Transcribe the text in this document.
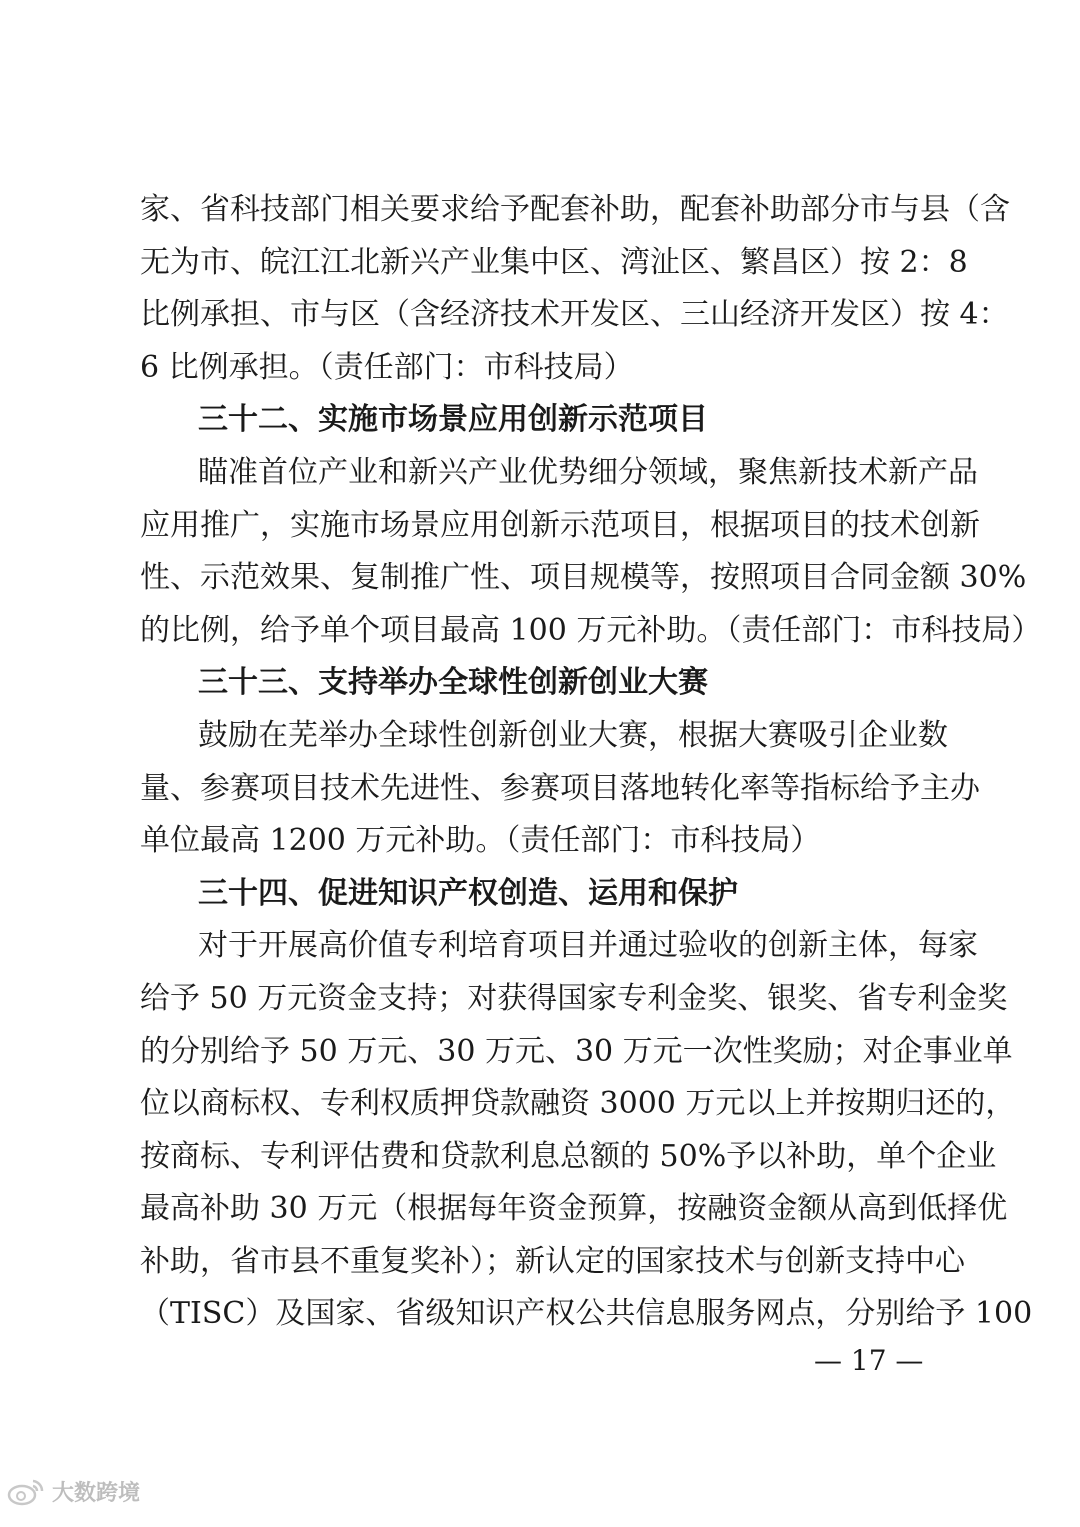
家、省科技部门相关要求给予配套补助，配套补助部分市与县（含
无为市、皖江江北新兴产业集中区、湾沚区、繁昌区）按 2：8
比例承担、市与区（含经济技术开发区、三山经济开发区）按 4：
6 比例承担。（责任部门：市科技局）
三十二、实施市场景应用创新示范项目
瞄准首位产业和新兴产业优势细分领域，聚焦新技术新产品
应用推广，实施市场景应用创新示范项目，根据项目的技术创新
性、示范效果、复制推广性、项目规模等，按照项目合同金额 30%
的比例，给予单个项目最高 100 万元补助。（责任部门：市科技局）
三十三、支持举办全球性创新创业大赛
鼓励在芜举办全球性创新创业大赛，根据大赛吸引企业数
量、参赛项目技术先进性、参赛项目落地转化率等指标给予主办
单位最高 1200 万元补助。（责任部门：市科技局）
三十四、促进知识产权创造、运用和保护
对于开展高价值专利培育项目并通过验收的创新主体，每家
给予 50 万元资金支持；对获得国家专利金奖、银奖、省专利金奖
的分别给予 50 万元、30 万元、30 万元一次性奖励；对企事业单
位以商标权、专利权质押贷款融资 3000 万元以上并按期归还的，
按商标、专利评估费和贷款利息总额的 50%予以补助，单个企业
最高补助 30 万元（根据每年资金预算，按融资金额从高到低择优
补助，省市县不重复奖补）；新认定的国家技术与创新支持中心
（TISC）及国家、省级知识产权公共信息服务网点，分别给予 100
— 17 —
大数跨境
